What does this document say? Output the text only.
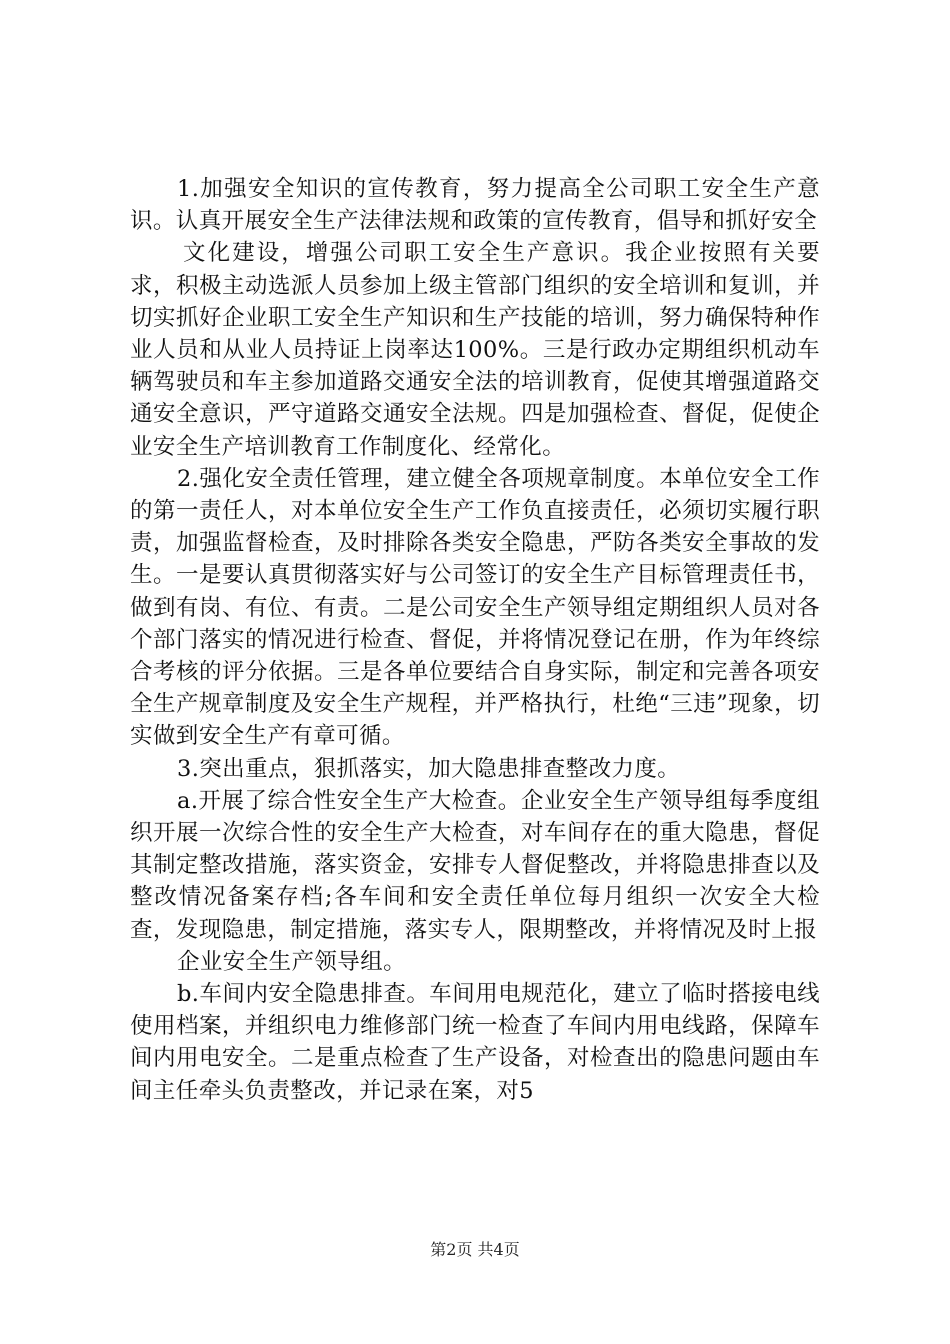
1.加强安全知识的宣传教育，努力提高全公司职工安全生产意识。认真开展安全生产法律法规和政策的宣传教育，倡导和抓好安全

文化建设，增强公司职工安全生产意识。我企业按照有关要求，积极主动选派人员参加上级主管部门组织的安全培训和复训，并切实抓好企业职工安全生产知识和生产技能的培训，努力确保特种作业人员和从业人员持证上岗率达100%。三是行政办定期组织机动车辆驾驶员和车主参加道路交通安全法的培训教育，促使其增强道路交通安全意识，严守道路交通安全法规。四是加强检查、督促，促使企业安全生产培训教育工作制度化、经常化。

2.强化安全责任管理，建立健全各项规章制度。本单位安全工作的第一责任人，对本单位安全生产工作负直接责任，必须切实履行职责，加强监督检查，及时排除各类安全隐患，严防各类安全事故的发生。一是要认真贯彻落实好与公司签订的安全生产目标管理责任书，做到有岗、有位、有责。二是公司安全生产领导组定期组织人员对各个部门落实的情况进行检查、督促，并将情况登记在册，作为年终综合考核的评分依据。三是各单位要结合自身实际，制定和完善各项安全生产规章制度及安全生产规程，并严格执行，杜绝“三违”现象，切实做到安全生产有章可循。

3.突出重点，狠抓落实，加大隐患排查整改力度。

a.开展了综合性安全生产大检查。企业安全生产领导组每季度组织开展一次综合性的安全生产大检查，对车间存在的重大隐患，督促其制定整改措施，落实资金，安排专人督促整改，并将隐患排查以及整改情况备案存档;各车间和安全责任单位每月组织一次安全大检查，发现隐患，制定措施，落实专人，限期整改，并将情况及时上报

企业安全生产领导组。

b.车间内安全隐患排查。车间用电规范化，建立了临时搭接电线使用档案，并组织电力维修部门统一检查了车间内用电线路，保障车间内用电安全。二是重点检查了生产设备，对检查出的隐患问题由车间主任牵头负责整改，并记录在案，对5

第2页 共4页
